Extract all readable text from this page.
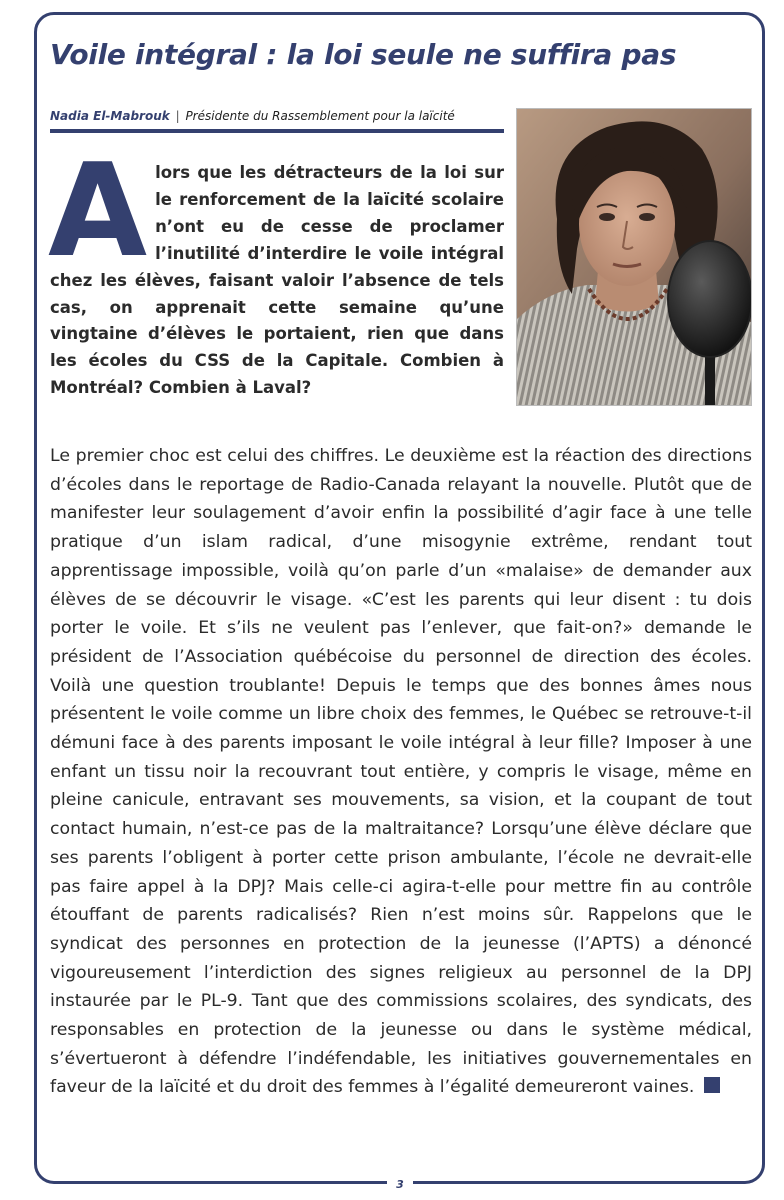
Voile intégral : la loi seule ne suffira pas
Nadia El-Mabrouk | Présidente du Rassemblement pour la laïcité

Alors que les détracteurs de la loi sur le renforcement de la laïcité scolaire n’ont eu de cesse de proclamer l’inutilité d’interdire le voile intégral chez les élèves, faisant valoir l’absence de tels cas, on apprenait cette semaine qu’une vingtaine d’élèves le portaient, rien que dans les écoles du CSS de la Capitale. Combien à Montréal? Combien à Laval?

Le premier choc est celui des chiffres. Le deuxième est la réaction des directions d’écoles dans le reportage de Radio-Canada relayant la nouvelle. Plutôt que de manifester leur soulagement d’avoir enfin la possibilité d’agir face à une telle pratique d’un islam radical, d’une misogynie extrême, rendant tout apprentissage impossible, voilà qu’on parle d’un «malaise» de demander aux élèves de se découvrir le visage. «C’est les parents qui leur disent : tu dois porter le voile. Et s’ils ne veulent pas l’enlever, que fait-on?» demande le président de l’Association québécoise du personnel de direction des écoles. Voilà une question troublante! Depuis le temps que des bonnes âmes nous présentent le voile comme un libre choix des femmes, le Québec se retrouve-t-il démuni face à des parents imposant le voile intégral à leur fille? Imposer à une enfant un tissu noir la recouvrant tout entière, y compris le visage, même en pleine canicule, entravant ses mouvements, sa vision, et la coupant de tout contact humain, n’est-ce pas de la maltraitance? Lorsqu’une élève déclare que ses parents l’obligent à porter cette prison ambulante, l’école ne devrait-elle pas faire appel à la DPJ? Mais celle-ci agira-t-elle pour mettre fin au contrôle étouffant de parents radicalisés? Rien n’est moins sûr. Rappelons que le syndicat des personnes en protection de la jeunesse (l’APTS) a dénoncé vigoureusement l’interdiction des signes religieux au personnel de la DPJ instaurée par le PL-9. Tant que des commissions scolaires, des syndicats, des responsables en protection de la jeunesse ou dans le système médical, s’évertueront à défendre l’indéfendable, les initiatives gouvernementales en faveur de la laïcité et du droit des femmes à l’égalité demeureront vaines.

3
